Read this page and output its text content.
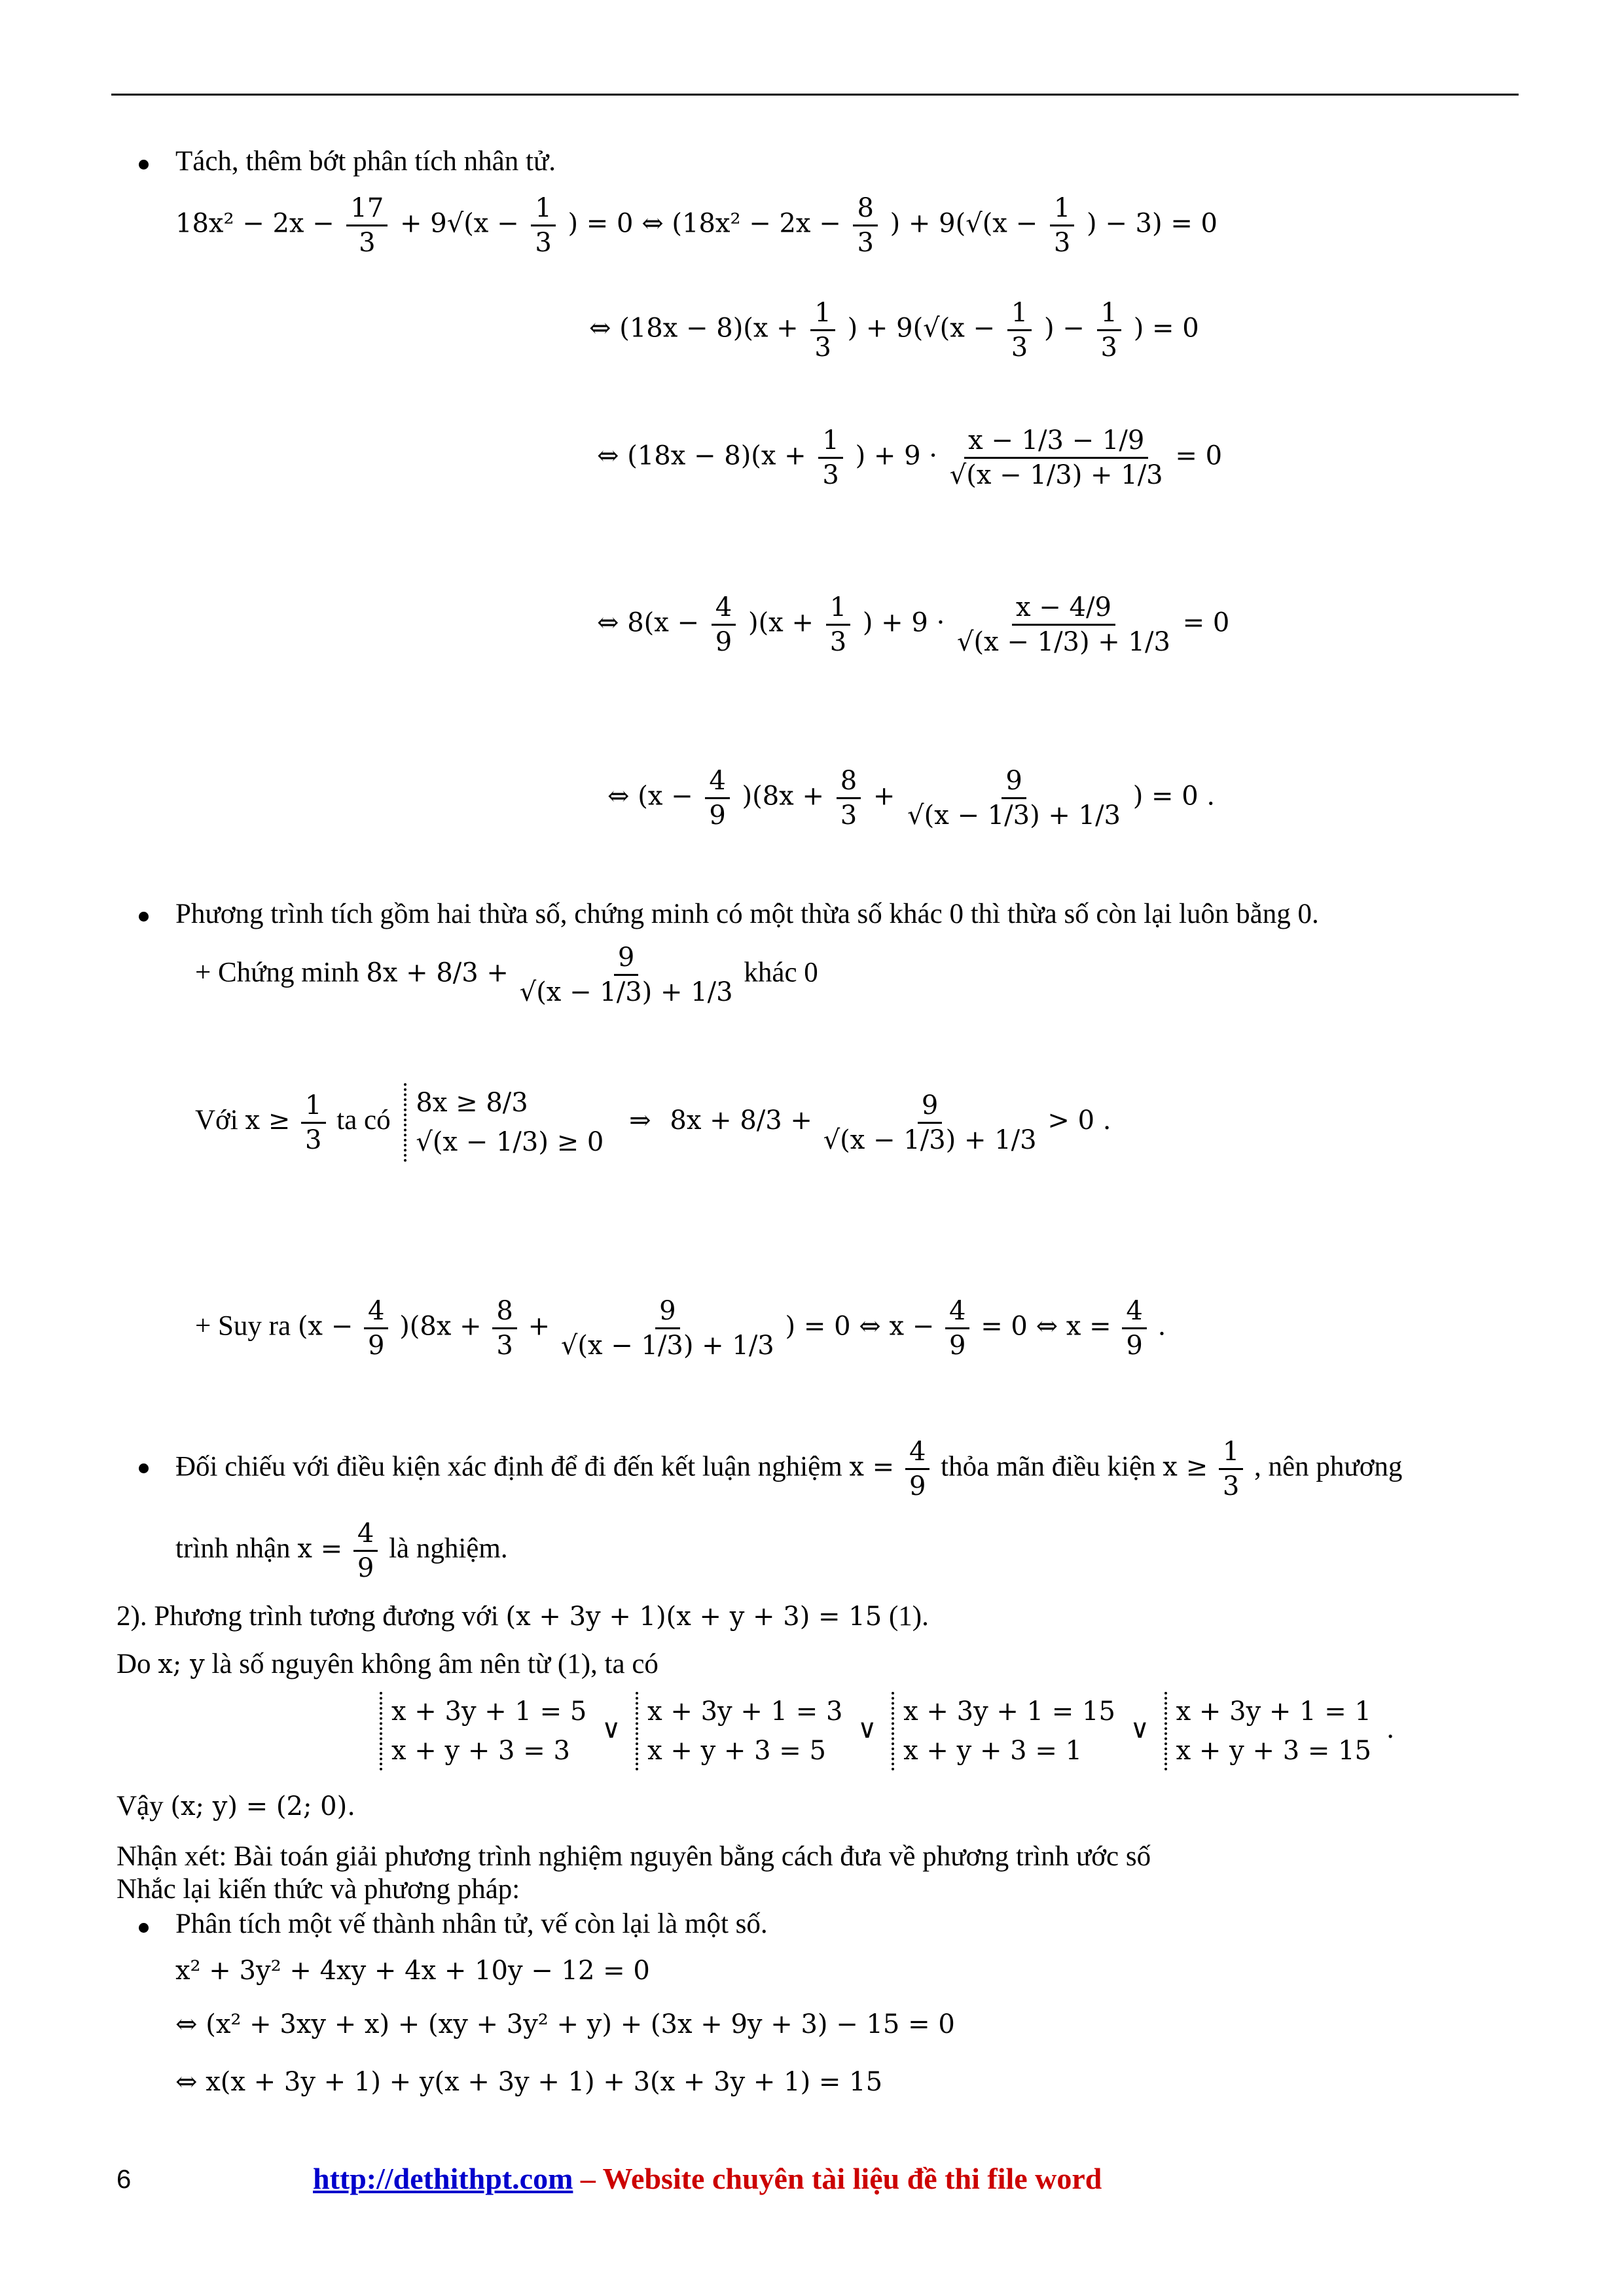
Tách, thêm bớt phân tích nhân tử.
$18x^2 - 2x - \frac{17}{3} + 9√(x - \frac{1}{3}$ ) = 0 ⇔ ($18x^2 - 2x - \frac{8}{3}$ ) + $9(√(x - \frac{1}{3}$ ) − 3) = 0
⇔ $(18x - 8)(x + \frac{1}{3}$ ) + $9(√(x - \frac{1}{3}$ ) − $\frac{1}{3}$ ) = 0
⇔ $(18x - 8)(x + \frac{1}{3}$ ) + $9 \cdot \frac{x - 1/3 - 1/9}{√(x - 1/3) + 1/3} = 0$
⇔ $8(x - \frac{4}{9} )(x + \frac{1}{3}$ ) + $9 \cdot \frac{x - 4/9}{√(x - 1/3) + 1/3} = 0$
⇔ $(x - \frac{4}{9} )(8x + \frac{8}{3} + \frac{9}{√(x - 1/3) + 1/3}$ ) = 0 .
Phương trình tích gồm hai thừa số, chứng minh có một thừa số khác 0 thì thừa số còn lại luôn bằng 0.
+ Chứng minh $8x + 8/3 + \frac{9}{√(x - 1/3) + 1/3}$ khác 0
Với $x \ge \frac{1}{3}$ ta có
8x ≥ 8/3
√(x − 1/3) ≥ 0
⇒ $8x + 8/3 + \frac{9}{√(x - 1/3) + 1/3} > 0$ .
+ Suy ra $(x - \frac{4}{9} )(8x + \frac{8}{3} + \frac{9}{√(x - 1/3) + 1/3}$ ) = 0 ⇔ $x - \frac{4}{9} = 0$ ⇔ $x = \frac{4}{9}$ .
Đối chiếu với điều kiện xác định để đi đến kết luận nghiệm $x = \frac{4}{9}$ thỏa mãn điều kiện $x \ge \frac{1}{3}$ , nên phương
trình nhận $x = \frac{4}{9}$ là nghiệm.
2). Phương trình tương đương với (x + 3y + 1)(x + y + 3) = 15 (1).
Do x; y là số nguyên không âm nên từ (1), ta có
x + 3y + 1 = 5
x + y + 3 = 3
∨
x + 3y + 1 = 3
x + y + 3 = 5
∨
x + 3y + 1 = 15
x + y + 3 = 1
∨
x + 3y + 1 = 1
x + y + 3 = 15
.
Vậy (x; y) = (2; 0).
Nhận xét: Bài toán giải phương trình nghiệm nguyên bằng cách đưa về phương trình ước số
Nhắc lại kiến thức và phương pháp:
Phân tích một vế thành nhân tử, vế còn lại là một số.
x² + 3y² + 4xy + 4x + 10y − 12 = 0
⇔ (x² + 3xy + x) + (xy + 3y² + y) + (3x + 9y + 3) − 15 = 0
⇔ x(x + 3y + 1) + y(x + 3y + 1) + 3(x + 3y + 1) = 15
6	http://dethithpt.com – Website chuyên tài liệu đề thi file word
